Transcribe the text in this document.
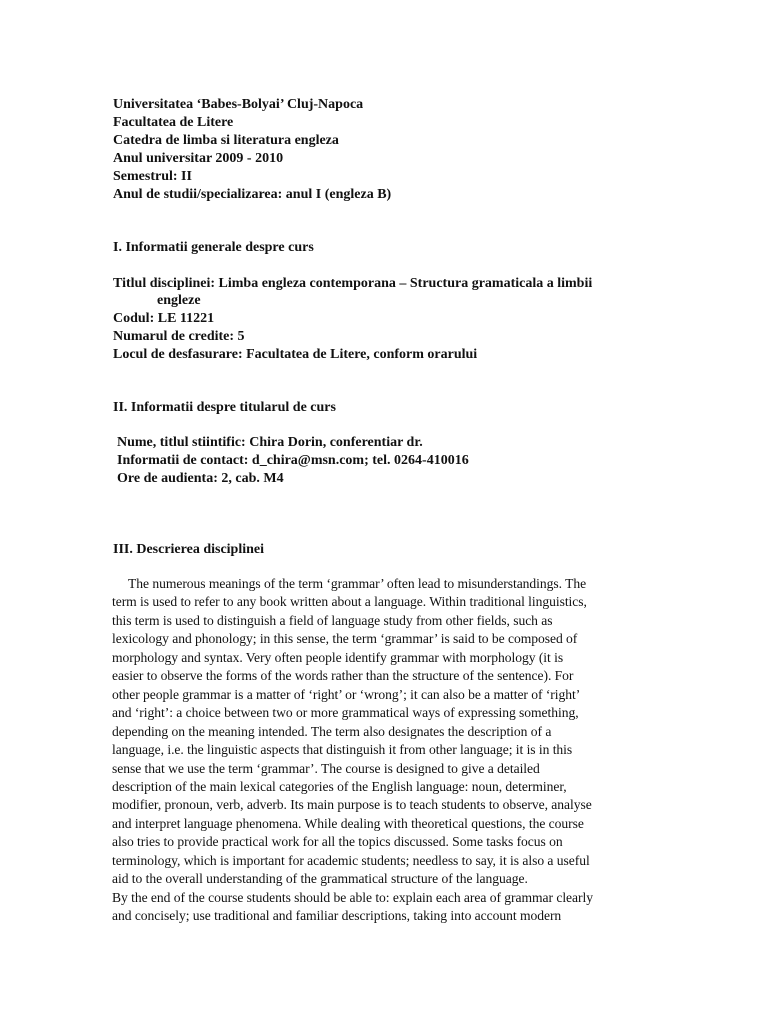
Universitatea ‘Babes-Bolyai’ Cluj-Napoca
Facultatea de Litere
Catedra de limba si literatura engleza
Anul universitar 2009 - 2010
Semestrul: II
Anul de studii/specializarea: anul I (engleza B)
I. Informatii generale despre curs
Titlul disciplinei: Limba engleza contemporana – Structura gramaticala a limbii
engleze
Codul: LE 11221
Numarul de credite: 5
Locul de desfasurare: Facultatea de Litere, conform orarului
II. Informatii despre titularul de curs
Nume, titlul stiintific: Chira Dorin, conferentiar dr.
Informatii de contact: d_chira@msn.com; tel. 0264-410016
Ore de audienta: 2, cab. M4
III. Descrierea disciplinei
The numerous meanings of the term ‘grammar’ often lead to misunderstandings. The
term is used to refer to any book written about a language. Within traditional linguistics,
this term is used to distinguish a field of language study from other fields, such as
lexicology and phonology; in this sense, the term ‘grammar’ is said to be composed of
morphology and syntax. Very often people identify grammar with morphology (it is
easier to observe the forms of the words rather than the structure of the sentence). For
other people grammar is a matter of ‘right’ or ‘wrong’; it can also be a matter of ‘right’
and ‘right’: a choice between two or more grammatical ways of expressing something,
depending on the meaning intended. The term also designates the description of a
language, i.e. the linguistic aspects that distinguish it from other language; it is in this
sense that we use the term ‘grammar’. The course is designed to give a detailed
description of the main lexical categories of the English language: noun, determiner,
modifier, pronoun, verb, adverb. Its main purpose is to teach students to observe, analyse
and interpret language phenomena. While dealing with theoretical questions, the course
also tries to provide practical work for all the topics discussed. Some tasks focus on
terminology, which is important for academic students; needless to say, it is also a useful
aid to the overall understanding of the grammatical structure of the language.
By the end of the course students should be able to: explain each area of grammar clearly
and concisely; use traditional and familiar descriptions, taking into account modern
